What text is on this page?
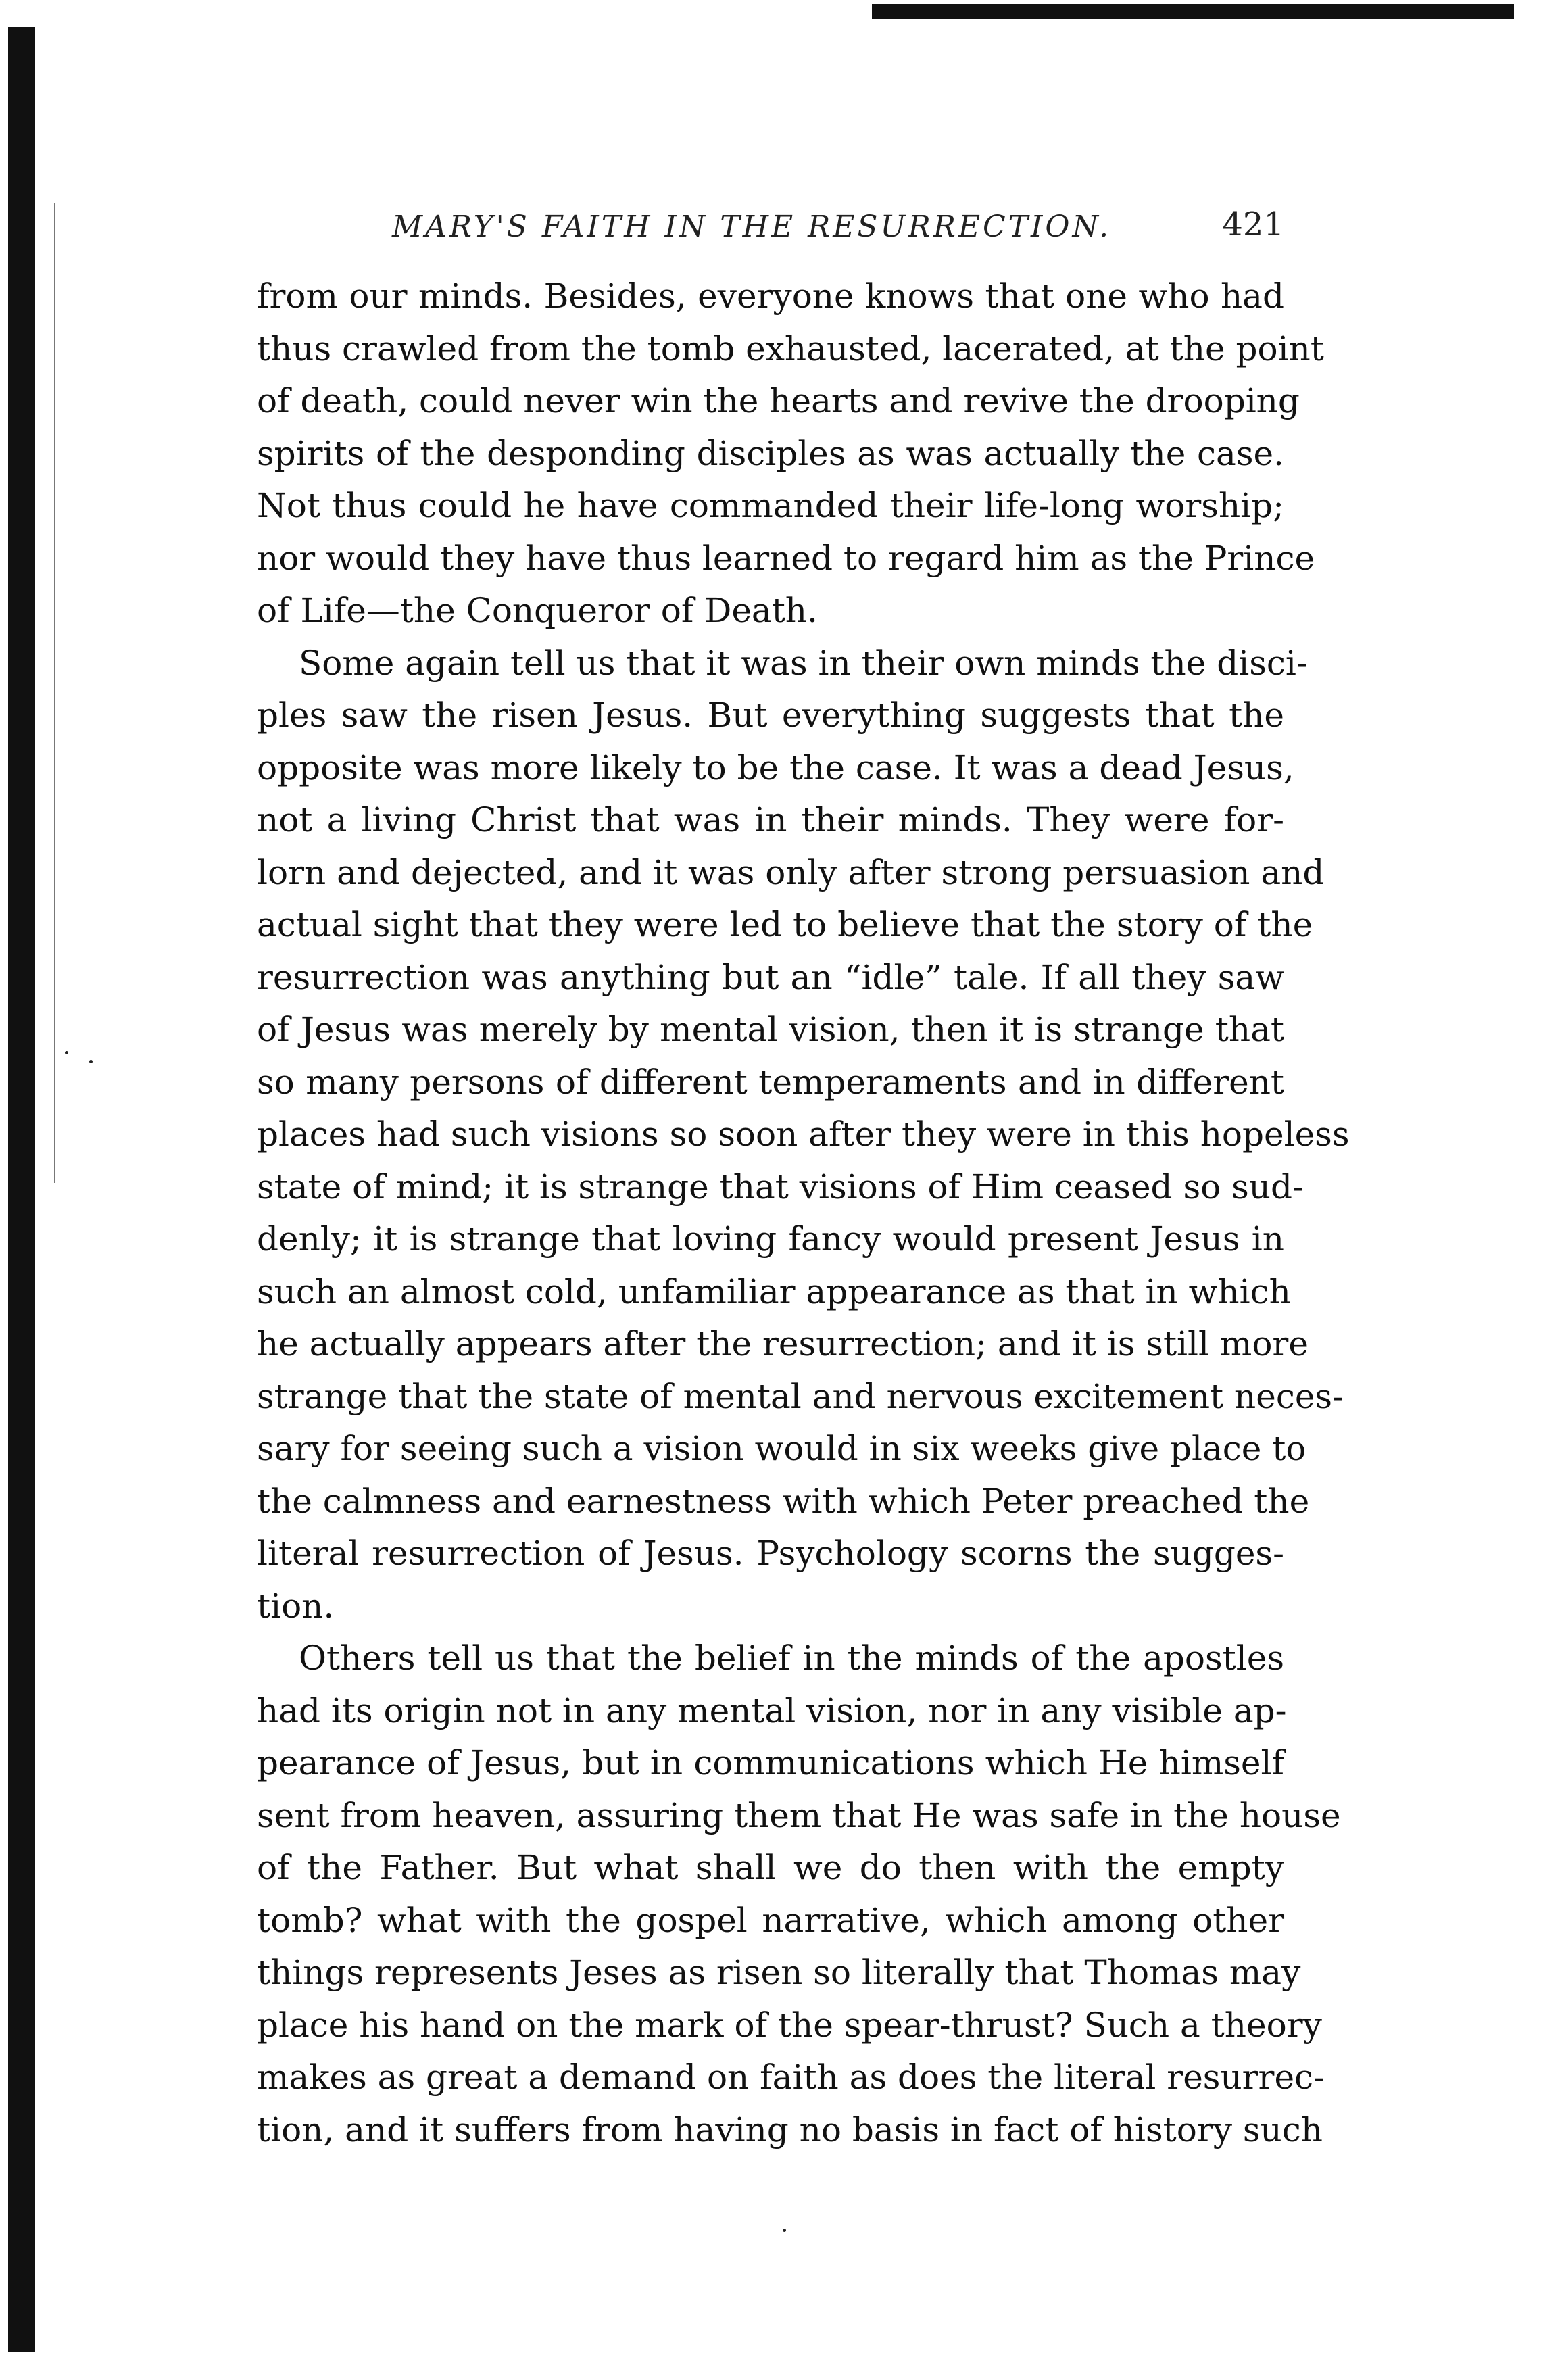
MARY'S FAITH IN THE RESURRECTION.	421
from our minds. Besides, everyone knows that one who had
thus crawled from the tomb exhausted, lacerated, at the point
of death, could never win the hearts and revive the drooping
spirits of the desponding disciples as was actually the case.
Not thus could he have commanded their life-long worship;
nor would they have thus learned to regard him as the Prince
of Life—the Conqueror of Death.
Some again tell us that it was in their own minds the disci-
ples saw the risen Jesus. But everything suggests that the
opposite was more likely to be the case. It was a dead Jesus,
not a living Christ that was in their minds. They were for-
lorn and dejected, and it was only after strong persuasion and
actual sight that they were led to believe that the story of the
resurrection was anything but an “idle” tale. If all they saw
of Jesus was merely by mental vision, then it is strange that
so many persons of different temperaments and in different
places had such visions so soon after they were in this hopeless
state of mind; it is strange that visions of Him ceased so sud-
denly; it is strange that loving fancy would present Jesus in
such an almost cold, unfamiliar appearance as that in which
he actually appears after the resurrection; and it is still more
strange that the state of mental and nervous excitement neces-
sary for seeing such a vision would in six weeks give place to
the calmness and earnestness with which Peter preached the
literal resurrection of Jesus. Psychology scorns the sugges-
tion.
Others tell us that the belief in the minds of the apostles
had its origin not in any mental vision, nor in any visible ap-
pearance of Jesus, but in communications which He himself
sent from heaven, assuring them that He was safe in the house
of the Father. But what shall we do then with the empty
tomb? what with the gospel narrative, which among other
things represents Jeses as risen so literally that Thomas may
place his hand on the mark of the spear-thrust? Such a theory
makes as great a demand on faith as does the literal resurrec-
tion, and it suffers from having no basis in fact of history such
